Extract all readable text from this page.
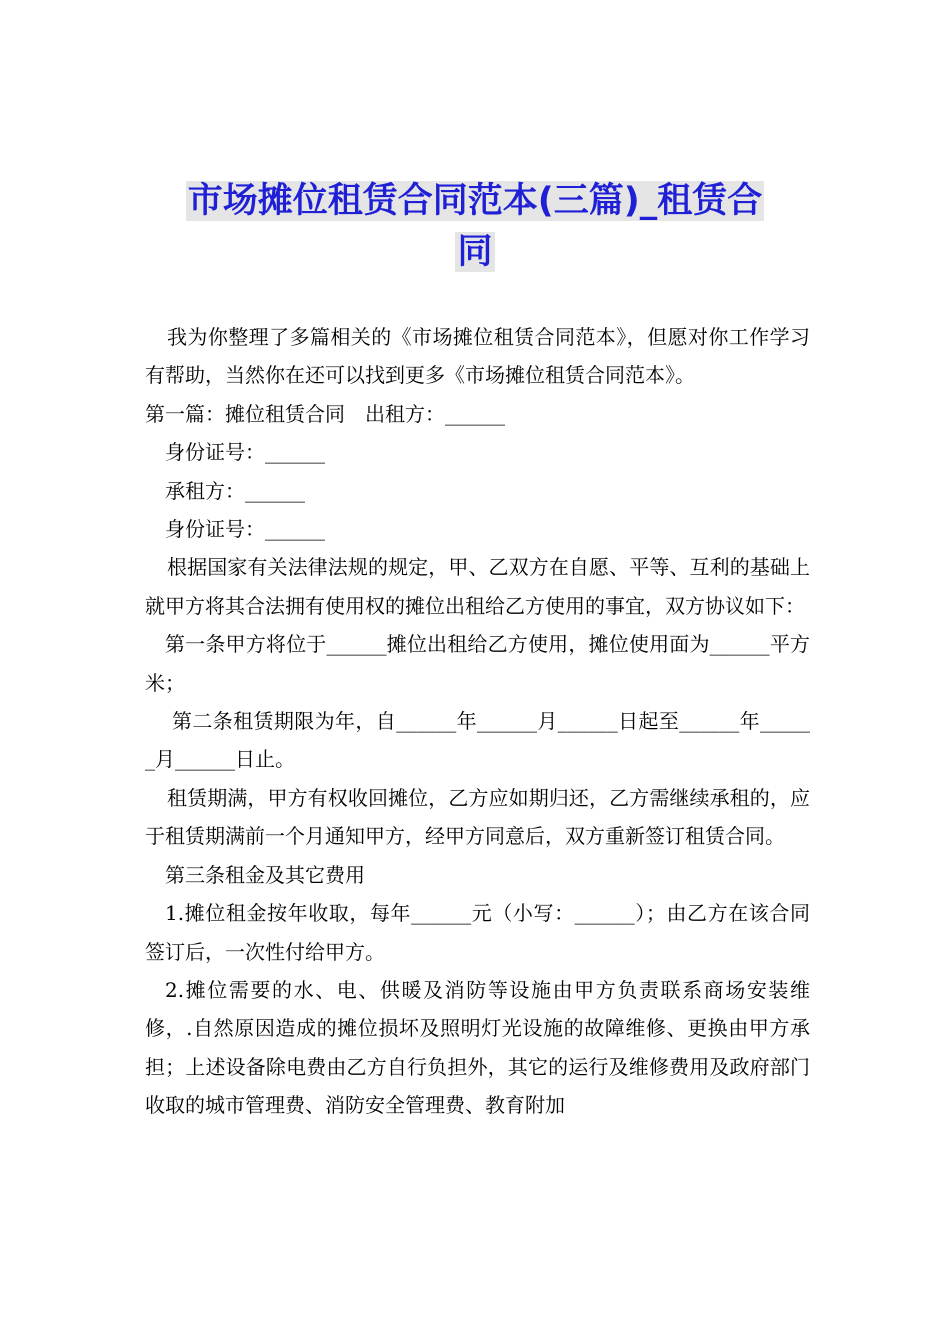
市场摊位租赁合同范本(三篇)_租赁合
同

我为你整理了多篇相关的《市场摊位租赁合同范本》，但愿对你工作学习有帮助，当然你在还可以找到更多《市场摊位租赁合同范本》。

第一篇：摊位租赁合同　出租方：______

身份证号：______

承租方：______

身份证号：______

根据国家有关法律法规的规定，甲、乙双方在自愿、平等、互利的基础上就甲方将其合法拥有使用权的摊位出租给乙方使用的事宜，双方协议如下：

第一条甲方将位于______摊位出租给乙方使用，摊位使用面为______平方米；

第二条租赁期限为年，自______年______月______日起至______年______月______日止。

租赁期满，甲方有权收回摊位，乙方应如期归还，乙方需继续承租的，应于租赁期满前一个月通知甲方，经甲方同意后，双方重新签订租赁合同。

第三条租金及其它费用

1.摊位租金按年收取，每年______元（小写：______）；由乙方在该合同签订后，一次性付给甲方。

2.摊位需要的水、电、供暖及消防等设施由甲方负责联系商场安装维修，.自然原因造成的摊位损坏及照明灯光设施的故障维修、更换由甲方承担；上述设备除电费由乙方自行负担外，其它的运行及维修费用及政府部门收取的城市管理费、消防安全管理费、教育附加
